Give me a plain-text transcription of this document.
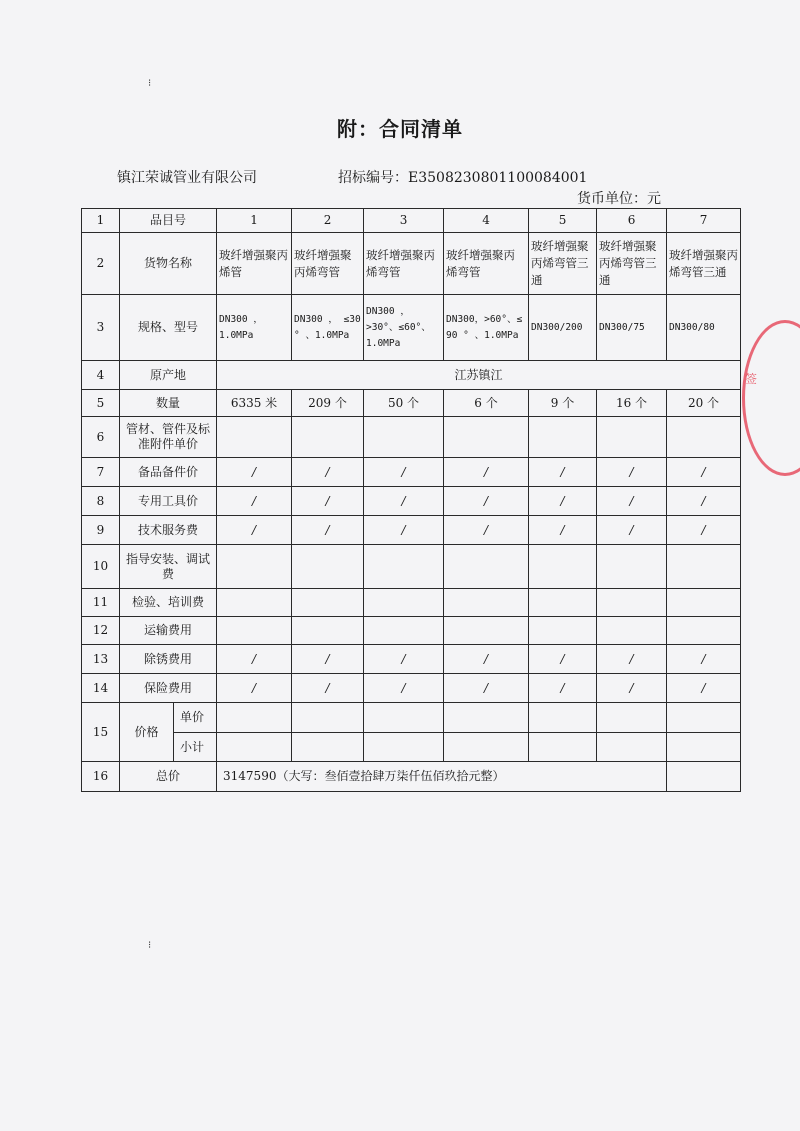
附：合同清单
镇江荣诚管业有限公司	招标编号：E3508230801100084001
货币单位：元
1	品目号		1	2	3	4	5	6	7
2	货物名称		玻纤增强聚丙烯管	玻纤增强聚丙烯弯管	玻纤增强聚丙烯弯管	玻纤增强聚丙烯弯管	玻纤增强聚丙烯弯管三通	玻纤增强聚丙烯弯管三通	玻纤增强聚丙烯弯管三通
3	规格、型号		DN300 ，1.0MPa	DN300 ， ≤30 ° 、1.0MPa	DN300 ， >30°、≤60°、1.0MPa	DN300，>60°、≤ 90 ° 、1.0MPa	DN300/200	DN300/75	DN300/80
4	原产地		江苏镇江						
5	数量		6335 米	209 个	50 个	6 个	9 个	16 个	20 个
6	管材、管件及标准附件单价								
7	备品备件价		/	/	/	/	/	/	/
8	专用工具价		/	/	/	/	/	/	/
9	技术服务费		/	/	/	/	/	/	/
10	指导安装、调试费								
11	检验、培训费								
12	运输费用								
13	除锈费用		/	/	/	/	/	/	/
14	保险费用		/	/	/	/	/	/	/
15	价格	单价							
		小计							
16	总价		3147590（大写：叁佰壹拾肆万柒仟伍佰玖拾元整）						
签
⁝
⁝
